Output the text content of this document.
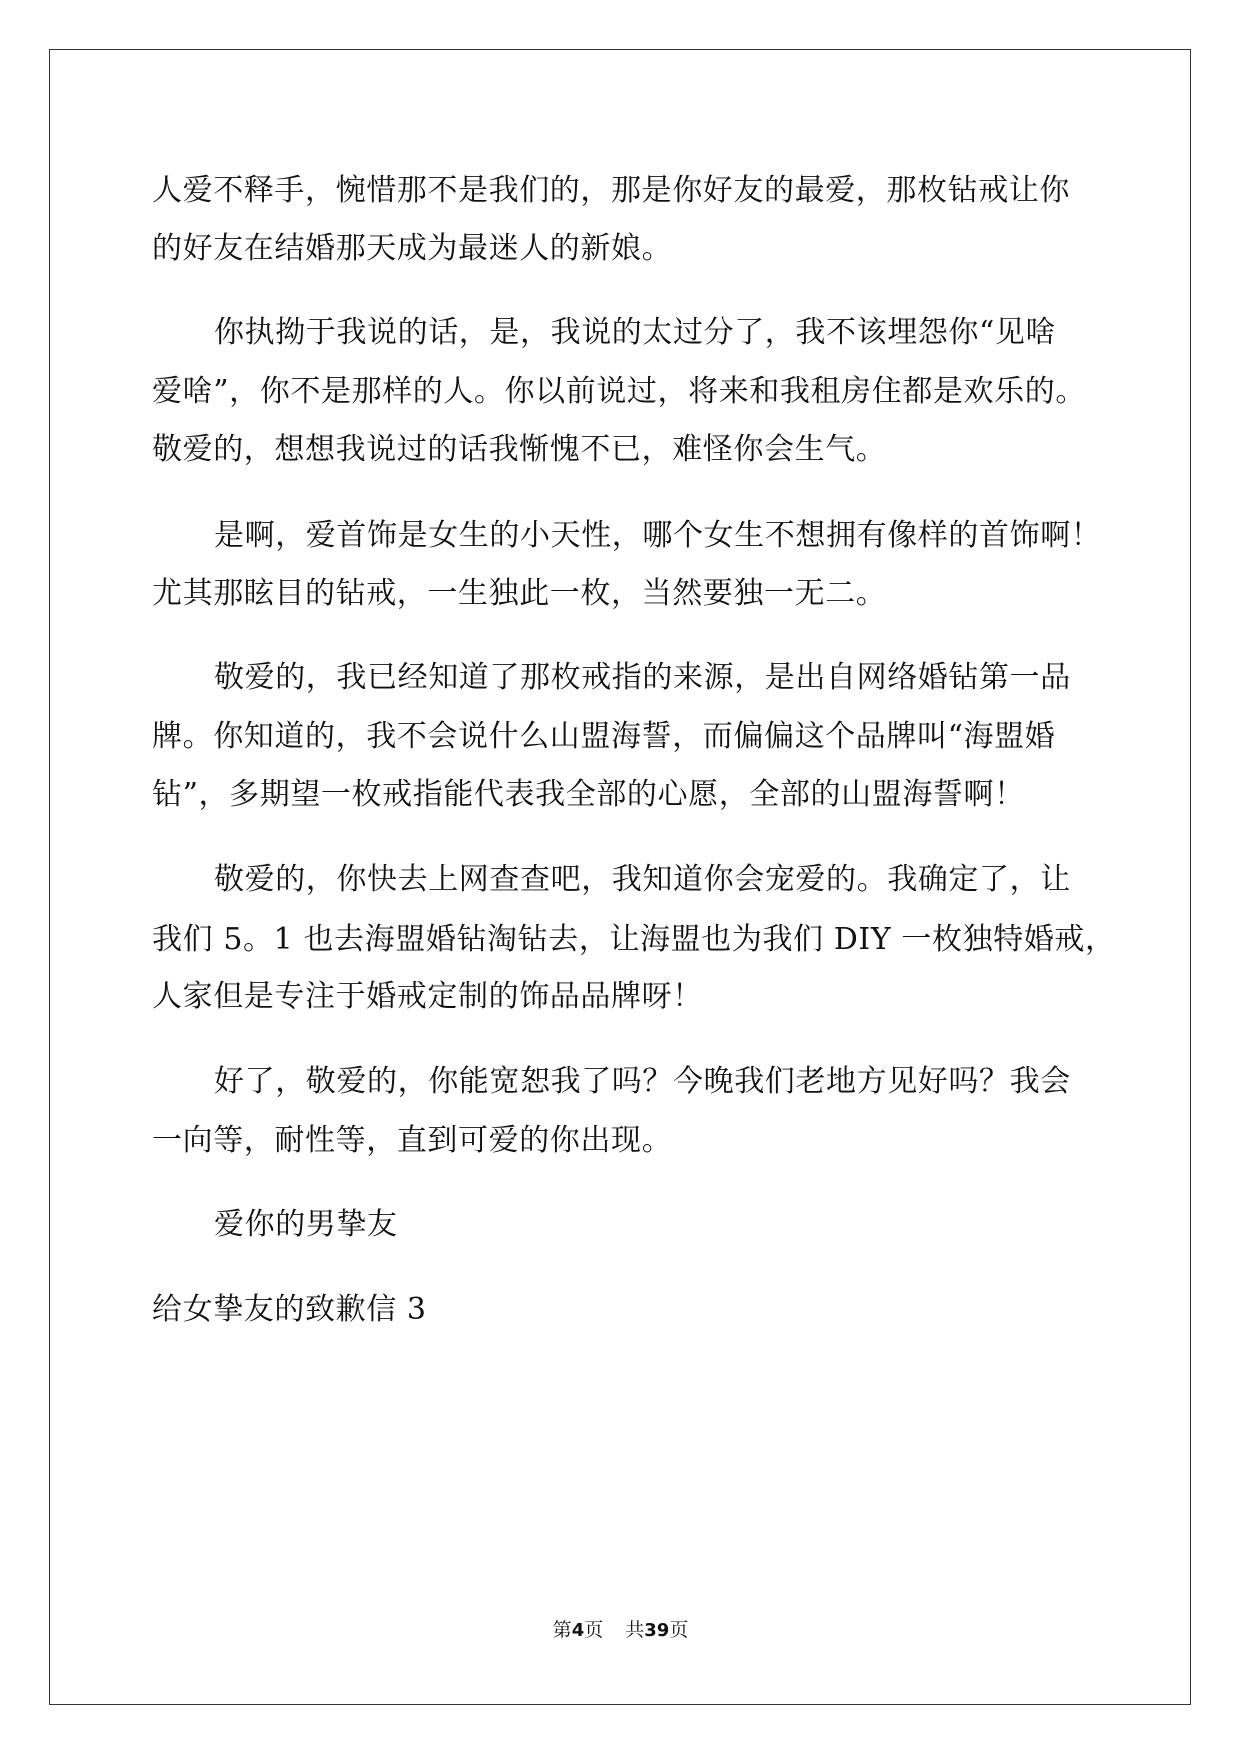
人爱不释手，惋惜那不是我们的，那是你好友的最爱，那枚钻戒让你
的好友在结婚那天成为最迷人的新娘。
你执拗于我说的话，是，我说的太过分了，我不该埋怨你“见啥
爱啥”，你不是那样的人。你以前说过，将来和我租房住都是欢乐的。
敬爱的，想想我说过的话我惭愧不已，难怪你会生气。
是啊，爱首饰是女生的小天性，哪个女生不想拥有像样的首饰啊！
尤其那眩目的钻戒，一生独此一枚，当然要独一无二。
敬爱的，我已经知道了那枚戒指的来源，是出自网络婚钻第一品
牌。你知道的，我不会说什么山盟海誓，而偏偏这个品牌叫“海盟婚
钻”，多期望一枚戒指能代表我全部的心愿，全部的山盟海誓啊！
敬爱的，你快去上网查查吧，我知道你会宠爱的。我确定了，让
我们 5。1 也去海盟婚钻淘钻去，让海盟也为我们 DIY 一枚独特婚戒，
人家但是专注于婚戒定制的饰品品牌呀！
好了，敬爱的，你能宽恕我了吗？今晚我们老地方见好吗？我会
一向等，耐性等，直到可爱的你出现。
爱你的男挚友
给女挚友的致歉信 3
第4页 共39页
